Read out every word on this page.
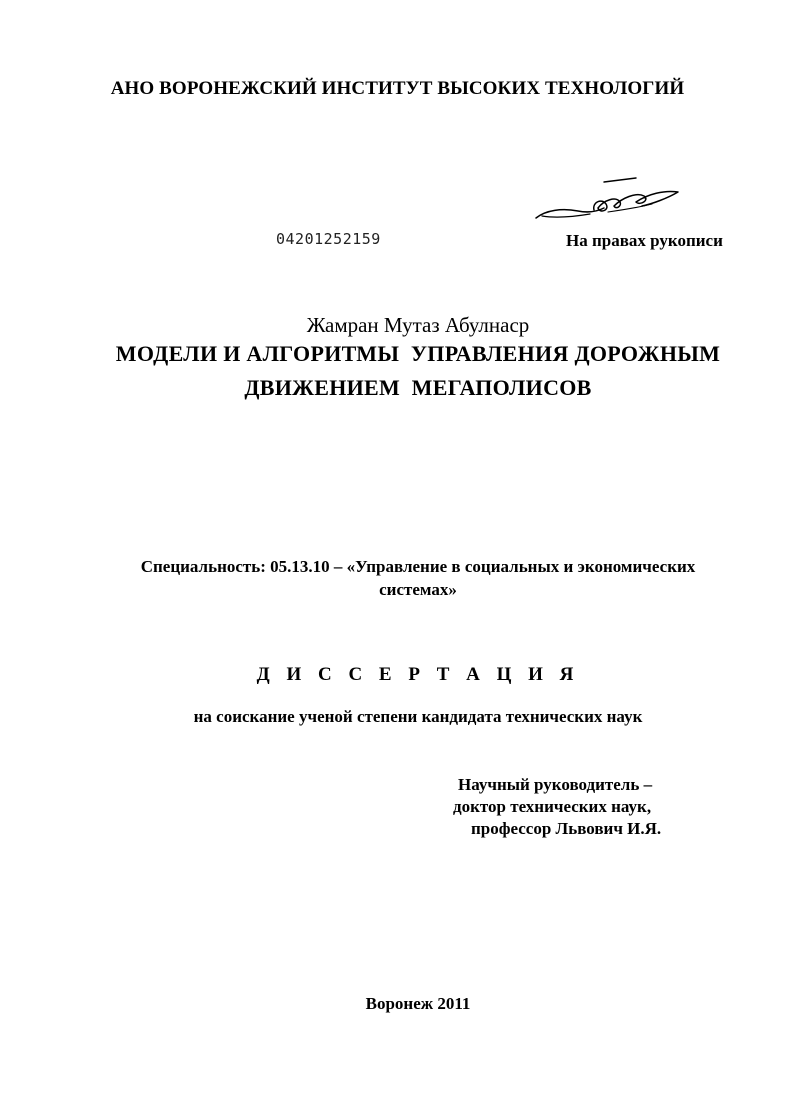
АНО ВОРОНЕЖСКИЙ ИНСТИТУТ ВЫСОКИХ ТЕХНОЛОГИЙ
04201252159	На правах рукописи
Жамран Мутаз Абулнаср
МОДЕЛИ И АЛГОРИТМЫ  УПРАВЛЕНИЯ ДОРОЖНЫМ
ДВИЖЕНИЕМ  МЕГАПОЛИСОВ
Специальность: 05.13.10 – «Управление в социальных и экономических
системах»
Д И С С Е Р Т А Ц И Я
на соискание ученой степени кандидата технических наук
Научный руководитель –
доктор технических наук,
профессор Львович И.Я.
Воронеж 2011
